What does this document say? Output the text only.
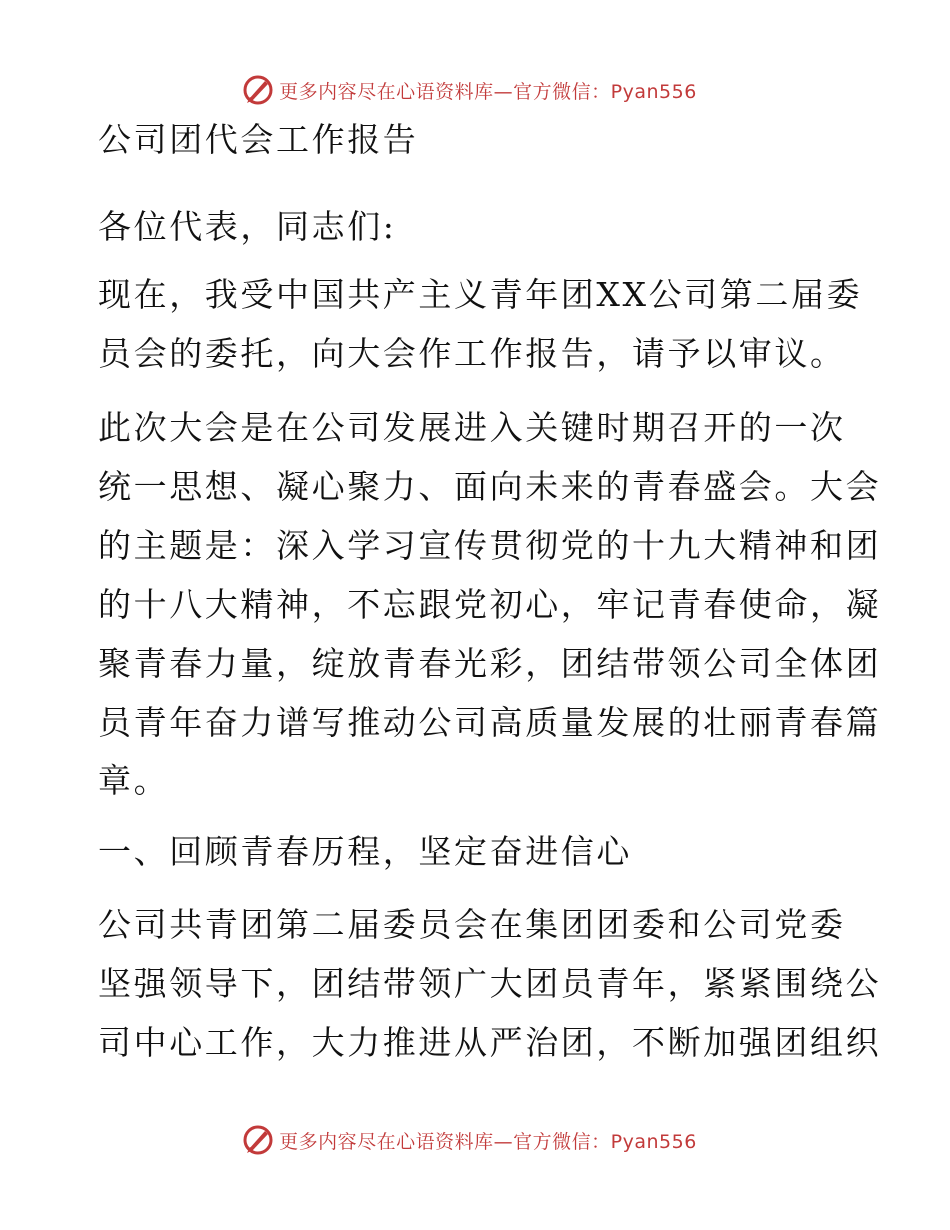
更多内容尽在心语资料库—官方微信：Pyan556
公司团代会工作报告
各位代表，同志们:
现在，我受中国共产主义青年团XX公司第二届委
员会的委托，向大会作工作报告，请予以审议。
此次大会是在公司发展进入关键时期召开的一次
统一思想、凝心聚力、面向未来的青春盛会。大会
的主题是：深入学习宣传贯彻党的十九大精神和团
的十八大精神，不忘跟党初心，牢记青春使命，凝
聚青春力量，绽放青春光彩，团结带领公司全体团
员青年奋力谱写推动公司高质量发展的壮丽青春篇
章。
一、回顾青春历程，坚定奋进信心
公司共青团第二届委员会在集团团委和公司党委
坚强领导下，团结带领广大团员青年，紧紧围绕公
司中心工作，大力推进从严治团，不断加强团组织
更多内容尽在心语资料库—官方微信：Pyan556
